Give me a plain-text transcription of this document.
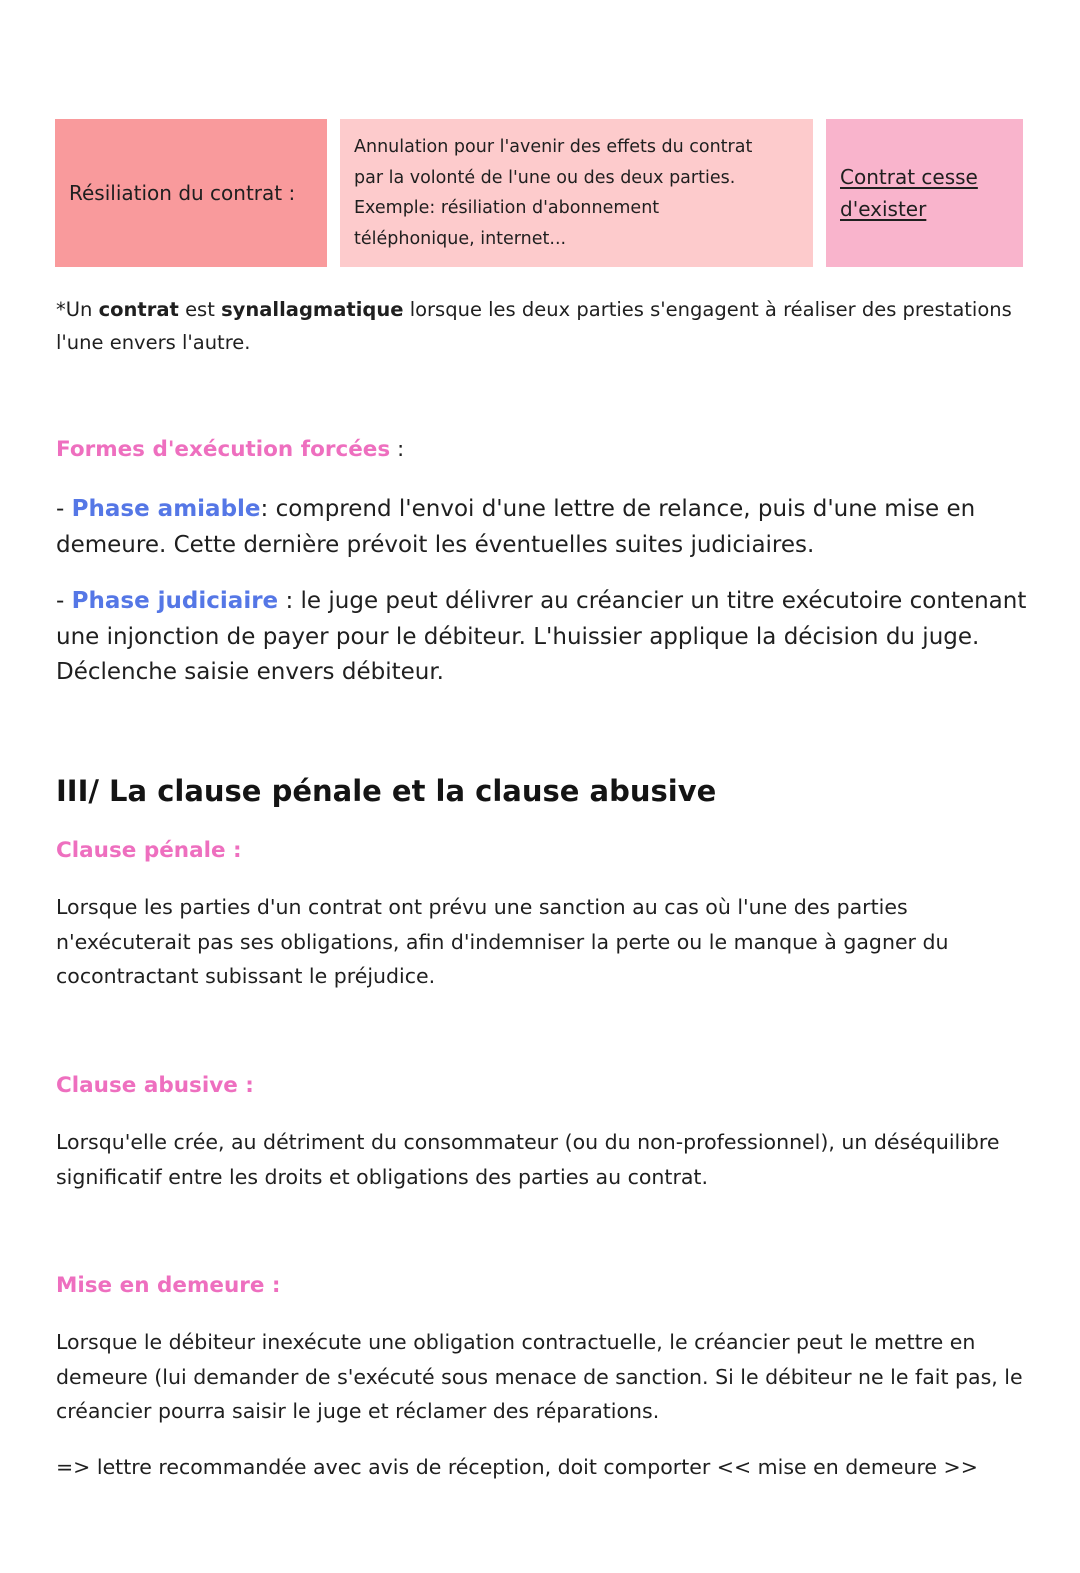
Résiliation du contrat :
Annulation pour l'avenir des effets du contrat
par la volonté de l'une ou des deux parties.
Exemple: résiliation d'abonnement
téléphonique, internet...
Contrat cesse
d'exister
*Un contrat est synallagmatique lorsque les deux parties s'engagent à réaliser des prestations l'une envers l'autre.
Formes d'exécution forcées :
- Phase amiable: comprend l'envoi d'une lettre de relance, puis d'une mise en demeure. Cette dernière prévoit les éventuelles suites judiciaires.
- Phase judiciaire : le juge peut délivrer au créancier un titre exécutoire contenant une injonction de payer pour le débiteur. L'huissier applique la décision du juge. Déclenche saisie envers débiteur.
III/ La clause pénale et la clause abusive
Clause pénale :
Lorsque les parties d'un contrat ont prévu une sanction au cas où l'une des parties n'exécuterait pas ses obligations, afin d'indemniser la perte ou le manque à gagner du cocontractant subissant le préjudice.
Clause abusive :
Lorsqu'elle crée, au détriment du consommateur (ou du non-professionnel), un déséquilibre significatif entre les droits et obligations des parties au contrat.
Mise en demeure :
Lorsque le débiteur inexécute une obligation contractuelle, le créancier peut le mettre en demeure (lui demander de s'exécuté sous menace de sanction. Si le débiteur ne le fait pas, le créancier pourra saisir le juge et réclamer des réparations.
=> lettre recommandée avec avis de réception, doit comporter << mise en demeure >>
